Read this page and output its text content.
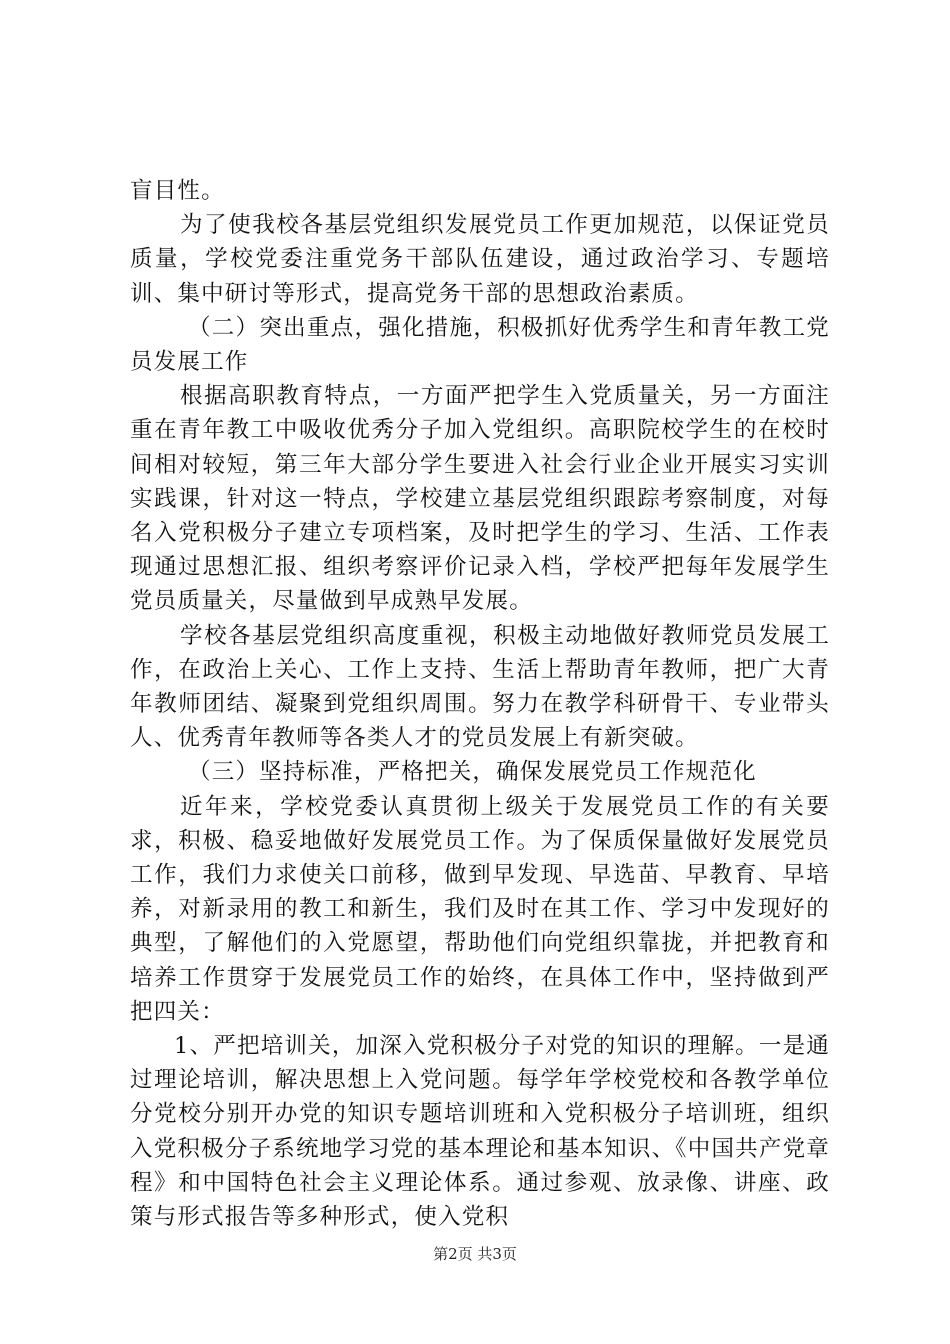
盲目性。

为了使我校各基层党组织发展党员工作更加规范，以保证党员质量，学校党委注重党务干部队伍建设，通过政治学习、专题培训、集中研讨等形式，提高党务干部的思想政治素质。

（二）突出重点，强化措施，积极抓好优秀学生和青年教工党员发展工作

根据高职教育特点，一方面严把学生入党质量关，另一方面注重在青年教工中吸收优秀分子加入党组织。高职院校学生的在校时间相对较短，第三年大部分学生要进入社会行业企业开展实习实训实践课，针对这一特点，学校建立基层党组织跟踪考察制度，对每名入党积极分子建立专项档案，及时把学生的学习、生活、工作表现通过思想汇报、组织考察评价记录入档，学校严把每年发展学生党员质量关，尽量做到早成熟早发展。

学校各基层党组织高度重视，积极主动地做好教师党员发展工作，在政治上关心、工作上支持、生活上帮助青年教师，把广大青年教师团结、凝聚到党组织周围。努力在教学科研骨干、专业带头人、优秀青年教师等各类人才的党员发展上有新突破。

（三）坚持标准，严格把关，确保发展党员工作规范化

近年来，学校党委认真贯彻上级关于发展党员工作的有关要求，积极、稳妥地做好发展党员工作。为了保质保量做好发展党员工作，我们力求使关口前移，做到早发现、早选苗、早教育、早培养，对新录用的教工和新生，我们及时在其工作、学习中发现好的典型，了解他们的入党愿望，帮助他们向党组织靠拢，并把教育和培养工作贯穿于发展党员工作的始终，在具体工作中，坚持做到严把四关：

1、严把培训关，加深入党积极分子对党的知识的理解。一是通过理论培训，解决思想上入党问题。每学年学校党校和各教学单位分党校分别开办党的知识专题培训班和入党积极分子培训班，组织入党积极分子系统地学习党的基本理论和基本知识、《中国共产党章程》和中国特色社会主义理论体系。通过参观、放录像、讲座、政策与形式报告等多种形式，使入党积

第2页 共3页
